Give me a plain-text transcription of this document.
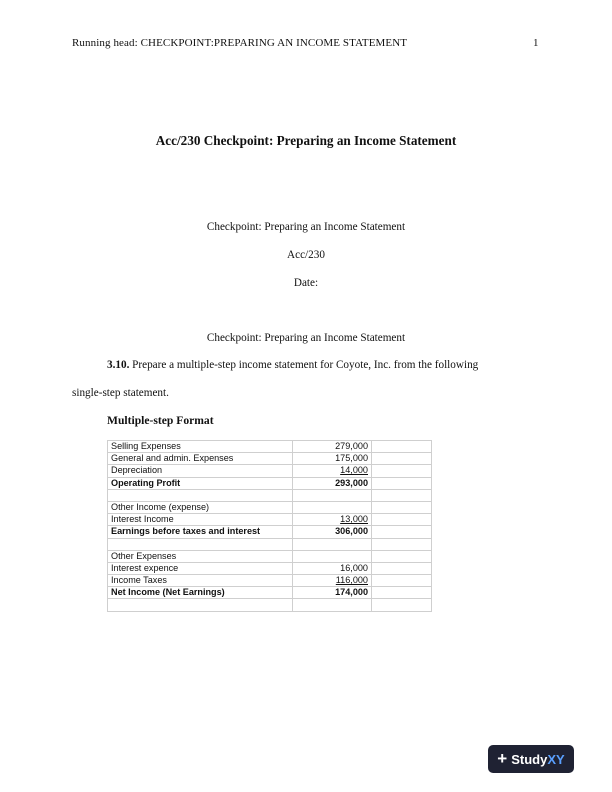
Running head: CHECKPOINT:PREPARING AN INCOME STATEMENT	1
Acc/230 Checkpoint: Preparing an Income Statement
Checkpoint: Preparing an Income Statement
Acc/230
Date:
Checkpoint: Preparing an Income Statement
3.10. Prepare a multiple-step income statement for Coyote, Inc. from the following
single-step statement.
Multiple-step Format
Selling Expenses	279,000	
General and admin. Expenses	175,000	
Depreciation	14,000	
Operating Profit	293,000	

Other Income (expense)		
Interest Income	13,000	
Earnings before taxes and interest	306,000	

Other Expenses		
Interest expence	16,000	
Income Taxes	116,000	
Net Income (Net Earnings)	174,000	

+ StudyXY
